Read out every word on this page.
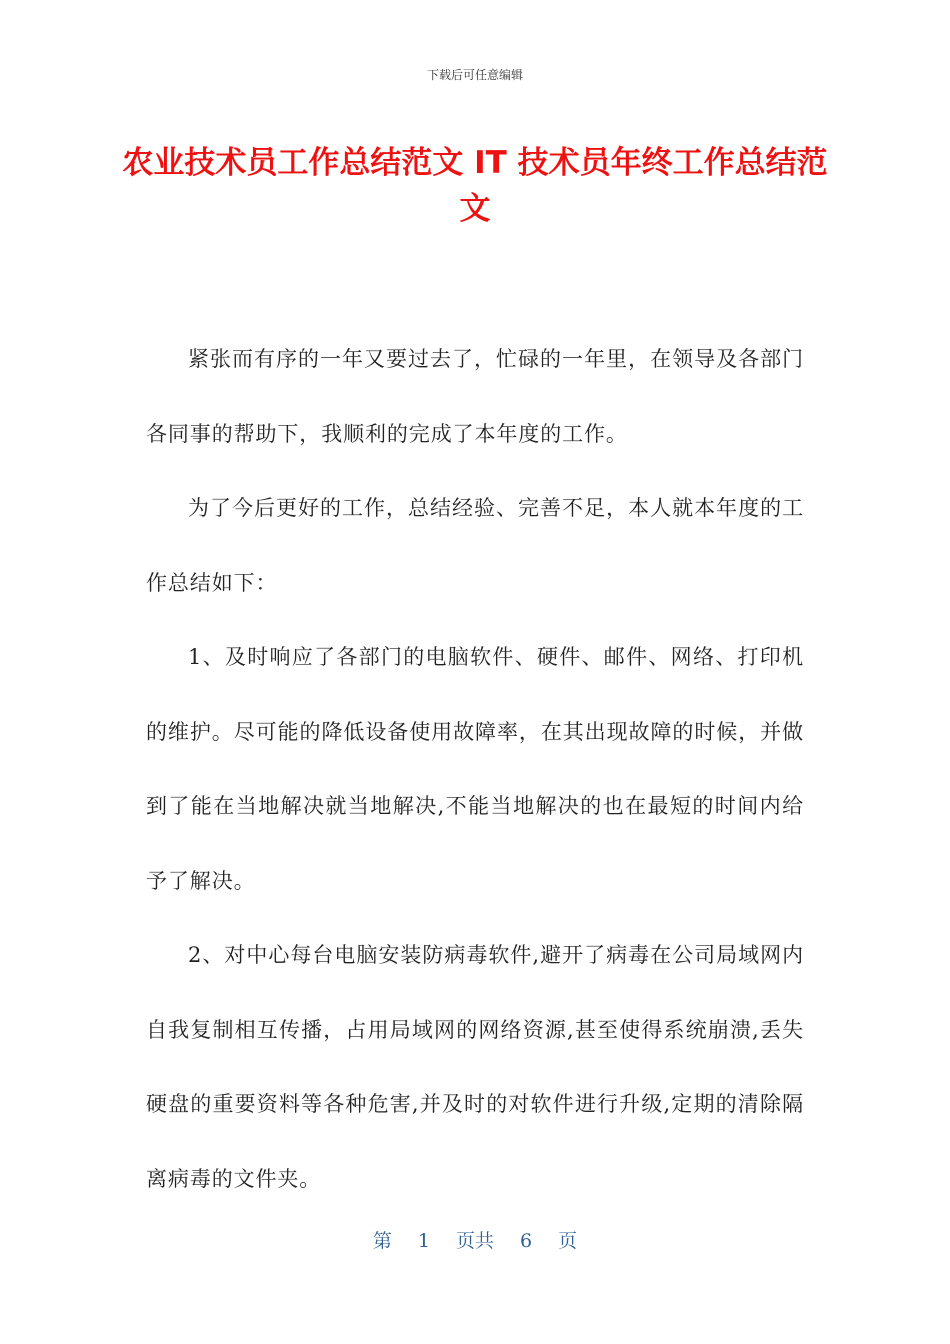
下载后可任意编辑
农业技术员工作总结范文 IT 技术员年终工作总结范文

紧张而有序的一年又要过去了，忙碌的一年里，在领导及各部门各同事的帮助下，我顺利的完成了本年度的工作。

为了今后更好的工作，总结经验、完善不足，本人就本年度的工作总结如下：

1、及时响应了各部门的电脑软件、硬件、邮件、网络、打印机的维护。尽可能的降低设备使用故障率，在其出现故障的时候，并做到了能在当地解决就当地解决,不能当地解决的也在最短的时间内给予了解决。

2、对中心每台电脑安装防病毒软件,避开了病毒在公司局域网内自我复制相互传播，占用局域网的网络资源,甚至使得系统崩溃,丢失硬盘的重要资料等各种危害,并及时的对软件进行升级,定期的清除隔离病毒的文件夹。

第 1 页共 6 页
